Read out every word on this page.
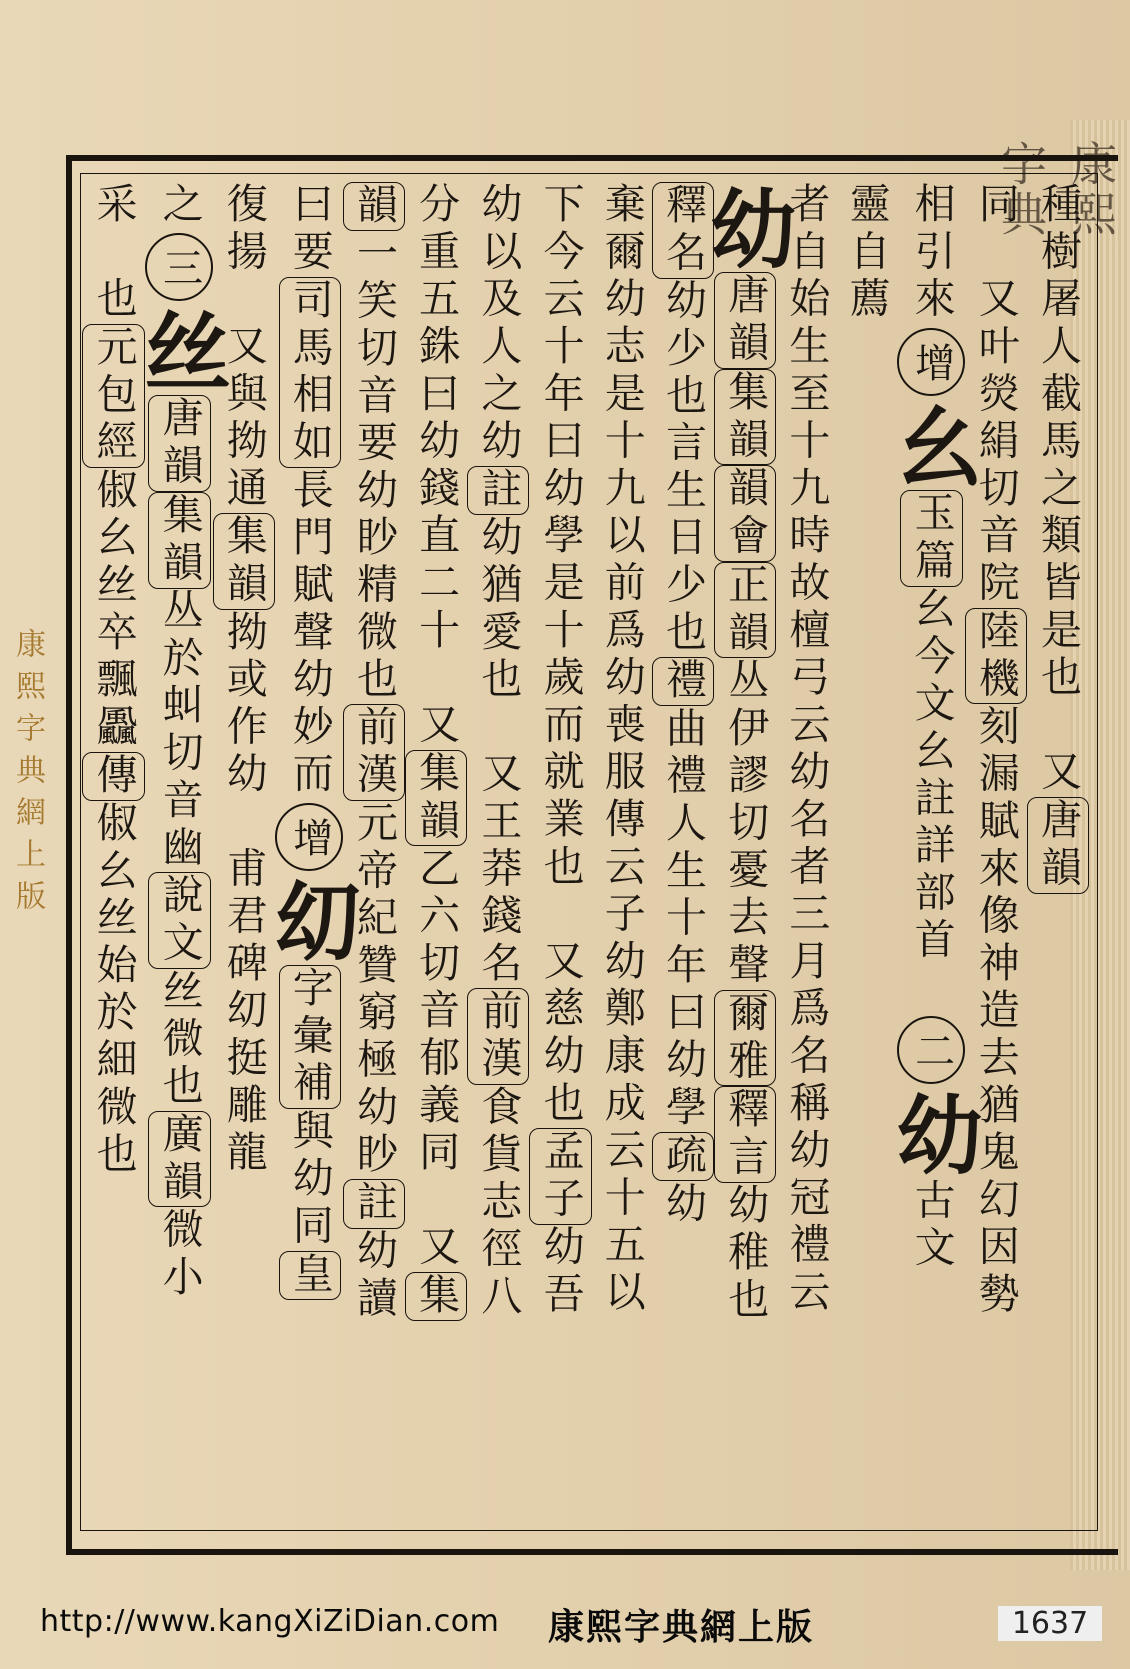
康熙字典
康熙字典網上版	種樹屠人截馬之類皆是也　又唐韻
同　又叶熒絹切音院陸機刻漏賦來像神造去猶鬼幻因勢
相引來增幺玉篇幺今文幺註詳部首　二幼古文
靈自薦
者自始生至十九時故檀弓云幼名者三月爲名稱幼冠禮云
幼唐韻集韻韻會正韻丛伊謬切憂去聲爾雅釋言幼稚也
釋名幼少也言生日少也禮曲禮人生十年曰幼學疏幼
棄爾幼志是十九以前爲幼喪服傳云子幼鄭康成云十五以
下今云十年曰幼學是十歲而就業也　又慈幼也孟子幼吾
幼以及人之幼註幼猶愛也　又王莽錢名前漢食貨志徑八
分重五銖曰幼錢直二十　又集韻乙六切音郁義同　又集
韻一笑切音要幼眇精微也前漢元帝紀贊窮極幼眇註幼讀
曰要司馬相如長門賦聲幼妙而增㓜字彙補與幼同皇
復揚　又與拗通集韻拗或作幼　甫君碑㓜挺雕龍
之三丝唐韻集韻丛於虯切音幽說文丝微也廣韻微小
采　也元包經俶幺丝卒飄飍傳俶幺丝始於細微也
http://www.kangXiZiDian.com 康熙字典網上版	1637
